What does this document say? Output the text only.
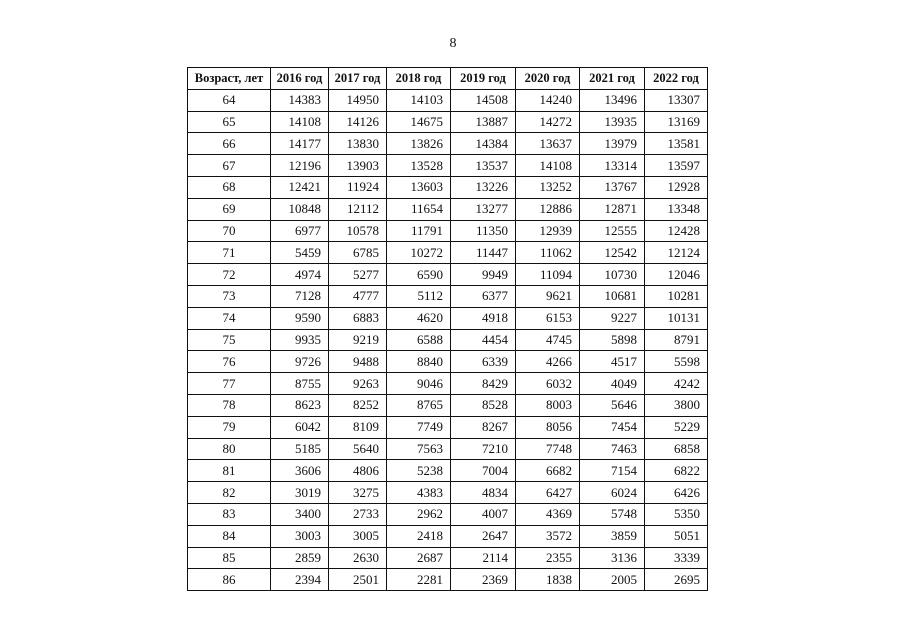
8
Возраст, лет	2016 год	2017 год	2018 год	2019 год	2020 год	2021 год	2022 год
64	14383	14950	14103	14508	14240	13496	13307
65	14108	14126	14675	13887	14272	13935	13169
66	14177	13830	13826	14384	13637	13979	13581
67	12196	13903	13528	13537	14108	13314	13597
68	12421	11924	13603	13226	13252	13767	12928
69	10848	12112	11654	13277	12886	12871	13348
70	6977	10578	11791	11350	12939	12555	12428
71	5459	6785	10272	11447	11062	12542	12124
72	4974	5277	6590	9949	11094	10730	12046
73	7128	4777	5112	6377	9621	10681	10281
74	9590	6883	4620	4918	6153	9227	10131
75	9935	9219	6588	4454	4745	5898	8791
76	9726	9488	8840	6339	4266	4517	5598
77	8755	9263	9046	8429	6032	4049	4242
78	8623	8252	8765	8528	8003	5646	3800
79	6042	8109	7749	8267	8056	7454	5229
80	5185	5640	7563	7210	7748	7463	6858
81	3606	4806	5238	7004	6682	7154	6822
82	3019	3275	4383	4834	6427	6024	6426
83	3400	2733	2962	4007	4369	5748	5350
84	3003	3005	2418	2647	3572	3859	5051
85	2859	2630	2687	2114	2355	3136	3339
86	2394	2501	2281	2369	1838	2005	2695
